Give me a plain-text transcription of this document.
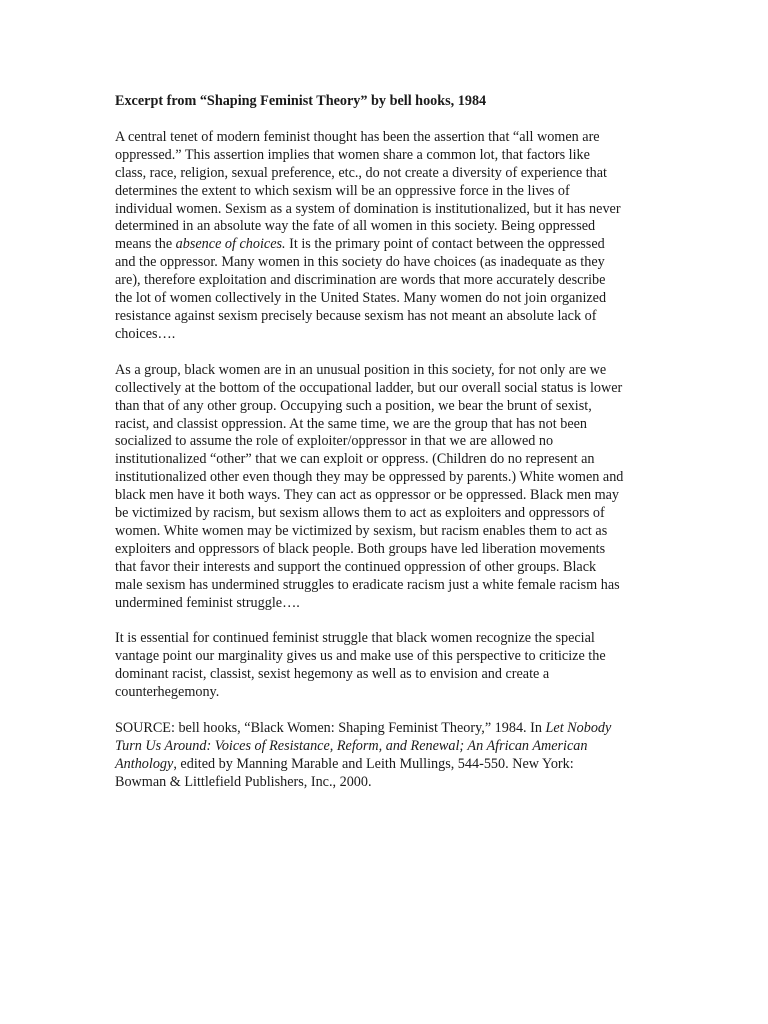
Excerpt from “Shaping Feminist Theory” by bell hooks, 1984
A central tenet of modern feminist thought has been the assertion that “all women are
oppressed.” This assertion implies that women share a common lot, that factors like
class, race, religion, sexual preference, etc., do not create a diversity of experience that
determines the extent to which sexism will be an oppressive force in the lives of
individual women. Sexism as a system of domination is institutionalized, but it has never
determined in an absolute way the fate of all women in this society. Being oppressed
means the absence of choices. It is the primary point of contact between the oppressed
and the oppressor. Many women in this society do have choices (as inadequate as they
are), therefore exploitation and discrimination are words that more accurately describe
the lot of women collectively in the United States. Many women do not join organized
resistance against sexism precisely because sexism has not meant an absolute lack of
choices….
As a group, black women are in an unusual position in this society, for not only are we
collectively at the bottom of the occupational ladder, but our overall social status is lower
than that of any other group. Occupying such a position, we bear the brunt of sexist,
racist, and classist oppression. At the same time, we are the group that has not been
socialized to assume the role of exploiter/oppressor in that we are allowed no
institutionalized “other” that we can exploit or oppress. (Children do no represent an
institutionalized other even though they may be oppressed by parents.) White women and
black men have it both ways. They can act as oppressor or be oppressed. Black men may
be victimized by racism, but sexism allows them to act as exploiters and oppressors of
women. White women may be victimized by sexism, but racism enables them to act as
exploiters and oppressors of black people. Both groups have led liberation movements
that favor their interests and support the continued oppression of other groups. Black
male sexism has undermined struggles to eradicate racism just a white female racism has
undermined feminist struggle….
It is essential for continued feminist struggle that black women recognize the special
vantage point our marginality gives us and make use of this perspective to criticize the
dominant racist, classist, sexist hegemony as well as to envision and create a
counterhegemony.
SOURCE: bell hooks, “Black Women: Shaping Feminist Theory,” 1984. In Let Nobody
Turn Us Around: Voices of Resistance, Reform, and Renewal; An African American
Anthology, edited by Manning Marable and Leith Mullings, 544-550. New York:
Bowman & Littlefield Publishers, Inc., 2000.
